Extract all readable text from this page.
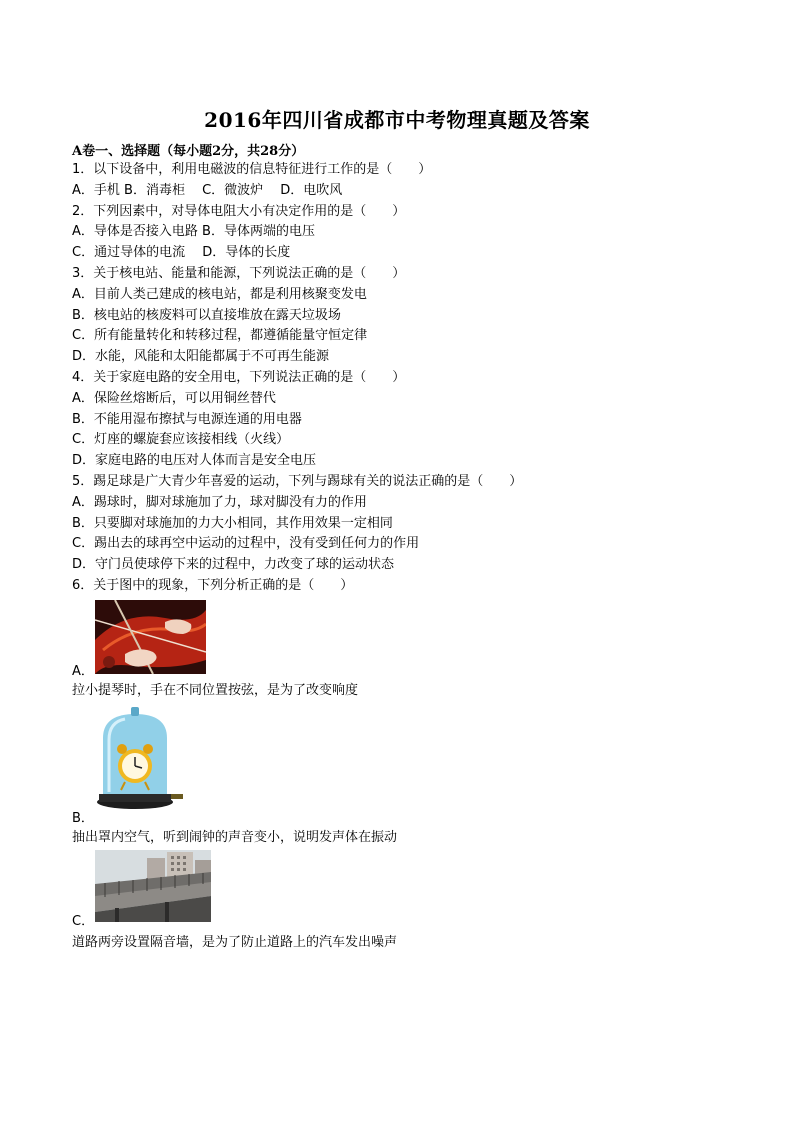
2016年四川省成都市中考物理真题及答案
A卷一、选择题（每小题2分，共28分）
1．以下设备中，利用电磁波的信息特征进行工作的是（　　）
A．手机 B．消毒柜　 C．微波炉　 D．电吹风
2．下列因素中，对导体电阻大小有决定作用的是（　　）
A．导体是否接入电路 B．导体两端的电压
C．通过导体的电流　 D．导体的长度
3．关于核电站、能量和能源，下列说法正确的是（　　）
A．目前人类己建成的核电站，都是利用核聚变发电
B．核电站的核废料可以直接堆放在露天垃圾场
C．所有能量转化和转移过程，都遵循能量守恒定律
D．水能，风能和太阳能都属于不可再生能源
4．关于家庭电路的安全用电，下列说法正确的是（　　）
A．保险丝熔断后，可以用铜丝替代
B．不能用湿布擦拭与电源连通的用电器
C．灯座的螺旋套应该接相线（火线）
D．家庭电路的电压对人体而言是安全电压
5．踢足球是广大青少年喜爱的运动，下列与踢球有关的说法正确的是（　　）
A．踢球时，脚对球施加了力，球对脚没有力的作用
B．只要脚对球施加的力大小相同，其作用效果一定相同
C．踢出去的球再空中运动的过程中，没有受到任何力的作用
D．守门员使球停下来的过程中，力改变了球的运动状态
6．关于图中的现象，下列分析正确的是（　　）
A．
拉小提琴时，手在不同位置按弦，是为了改变响度
B．
抽出罩内空气，听到闹钟的声音变小，说明发声体在振动
C．
道路两旁设置隔音墙，是为了防止道路上的汽车发出噪声
